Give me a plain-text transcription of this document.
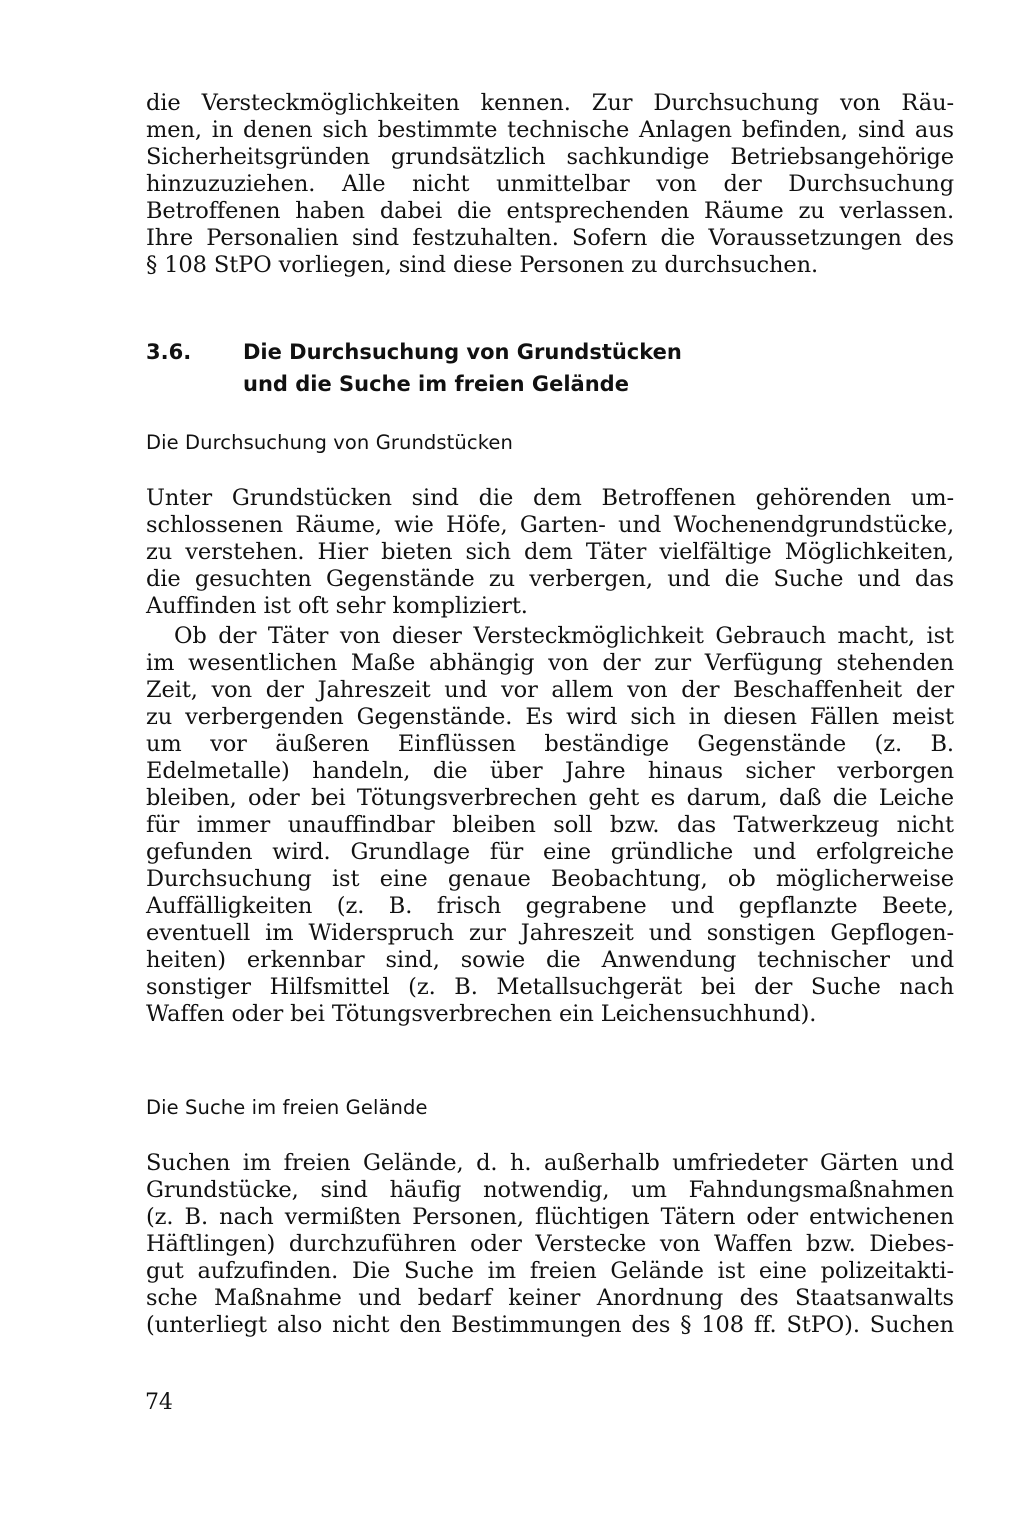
die Versteckmöglichkeiten kennen. Zur Durchsuchung von Räu-
men, in denen sich bestimmte technische Anlagen befinden, sind aus
Sicherheitsgründen grundsätzlich sachkundige Betriebsangehörige
hinzuzuziehen. Alle nicht unmittelbar von der Durchsuchung
Betroffenen haben dabei die entsprechenden Räume zu verlassen.
Ihre Personalien sind festzuhalten. Sofern die Voraussetzungen des
§ 108 StPO vorliegen, sind diese Personen zu durchsuchen.
3.6. Die Durchsuchung von Grundstücken
und die Suche im freien Gelände
Die Durchsuchung von Grundstücken
Unter Grundstücken sind die dem Betroffenen gehörenden um-
schlossenen Räume, wie Höfe, Garten- und Wochenendgrundstücke,
zu verstehen. Hier bieten sich dem Täter vielfältige Möglichkeiten,
die gesuchten Gegenstände zu verbergen, und die Suche und das
Auffinden ist oft sehr kompliziert.
Ob der Täter von dieser Versteckmöglichkeit Gebrauch macht, ist
im wesentlichen Maße abhängig von der zur Verfügung stehenden
Zeit, von der Jahreszeit und vor allem von der Beschaffenheit der
zu verbergenden Gegenstände. Es wird sich in diesen Fällen meist
um vor äußeren Einflüssen beständige Gegenstände (z. B.
Edelmetalle) handeln, die über Jahre hinaus sicher verborgen
bleiben, oder bei Tötungsverbrechen geht es darum, daß die Leiche
für immer unauffindbar bleiben soll bzw. das Tatwerkzeug nicht
gefunden wird. Grundlage für eine gründliche und erfolgreiche
Durchsuchung ist eine genaue Beobachtung, ob möglicherweise
Auffälligkeiten (z. B. frisch gegrabene und gepflanzte Beete,
eventuell im Widerspruch zur Jahreszeit und sonstigen Gepflogen-
heiten) erkennbar sind, sowie die Anwendung technischer und
sonstiger Hilfsmittel (z. B. Metallsuchgerät bei der Suche nach
Waffen oder bei Tötungsverbrechen ein Leichensuchhund).
Die Suche im freien Gelände
Suchen im freien Gelände, d. h. außerhalb umfriedeter Gärten und
Grundstücke, sind häufig notwendig, um Fahndungsmaßnahmen
(z. B. nach vermißten Personen, flüchtigen Tätern oder entwichenen
Häftlingen) durchzuführen oder Verstecke von Waffen bzw. Diebes-
gut aufzufinden. Die Suche im freien Gelände ist eine polizeitakti-
sche Maßnahme und bedarf keiner Anordnung des Staatsanwalts
(unterliegt also nicht den Bestimmungen des § 108 ff. StPO). Suchen
74
